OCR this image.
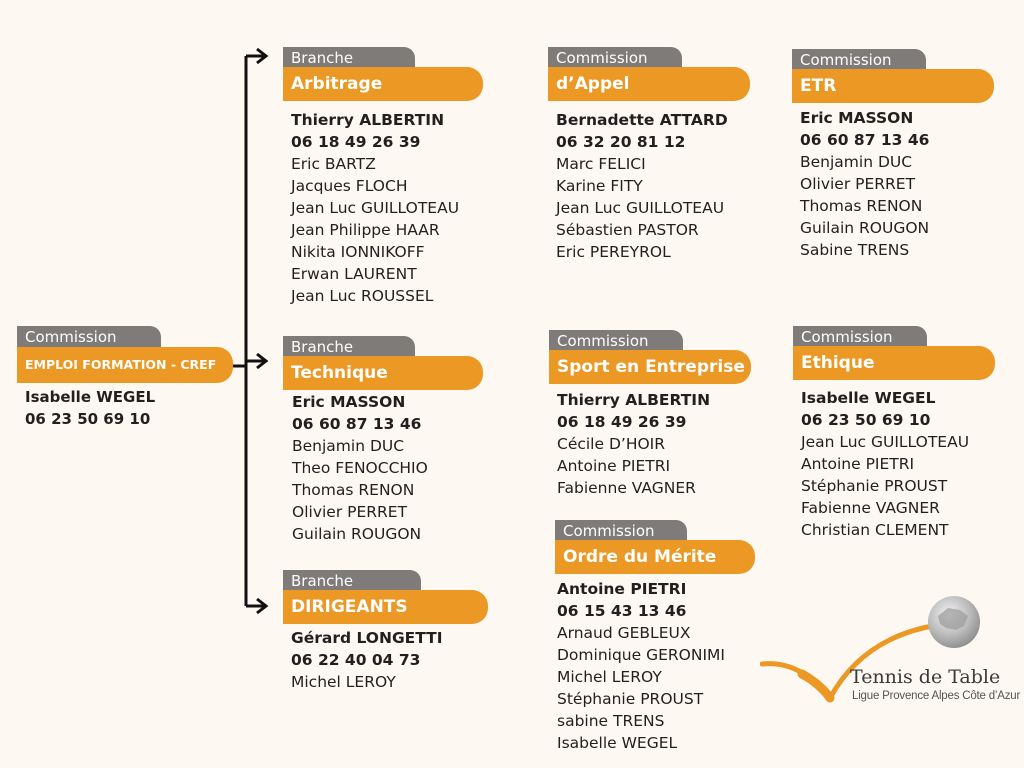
Commission
EMPLOI FORMATION - CREF
Isabelle WEGEL
06 23 50 69 10
Branche
Arbitrage
Thierry ALBERTIN
06 18 49 26 39
Eric BARTZ
Jacques FLOCH
Jean Luc GUILLOTEAU
Jean Philippe HAAR
Nikita IONNIKOFF
Erwan LAURENT
Jean Luc ROUSSEL
Branche
Technique
Eric MASSON
06 60 87 13 46
Benjamin DUC
Theo FENOCCHIO
Thomas RENON
Olivier PERRET
Guilain ROUGON
Branche
DIRIGEANTS
Gérard LONGETTI
06 22 40 04 73
Michel LEROY
Commission
d’Appel
Bernadette ATTARD
06 32 20 81 12
Marc FELICI
Karine FITY
Jean Luc GUILLOTEAU
Sébastien PASTOR
Eric PEREYROL
Commission
Sport en Entreprise
Thierry ALBERTIN
06 18 49 26 39
Cécile D’HOIR
Antoine PIETRI
Fabienne VAGNER
Commission
Ordre du Mérite
Antoine PIETRI
06 15 43 13 46
Arnaud GEBLEUX
Dominique GERONIMI
Michel LEROY
Stéphanie PROUST
sabine TRENS
Isabelle WEGEL
Commission
ETR
Eric MASSON
06 60 87 13 46
Benjamin DUC
Olivier PERRET
Thomas RENON
Guilain ROUGON
Sabine TRENS
Commission
Ethique
Isabelle WEGEL
06 23 50 69 10
Jean Luc GUILLOTEAU
Antoine PIETRI
Stéphanie PROUST
Fabienne VAGNER
Christian CLEMENT
Tennis de Table
Ligue Provence Alpes Côte d’Azur
